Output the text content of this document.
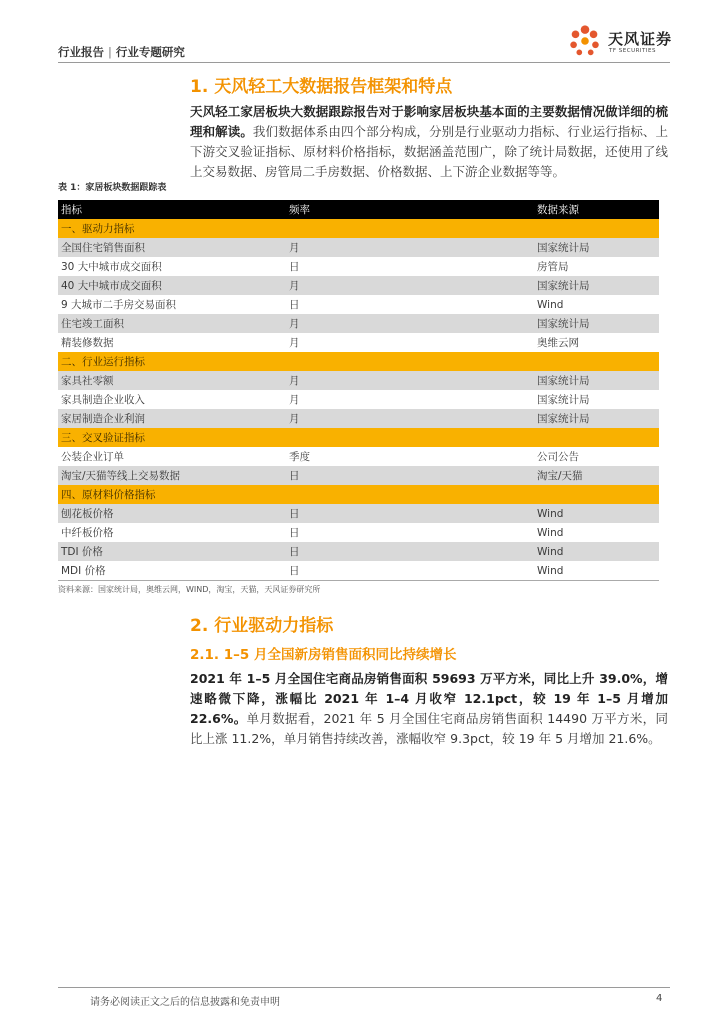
行业报告 | 行业专题研究
天风证券
TF SECURITIES
1. 天风轻工大数据报告框架和特点
天风轻工家居板块大数据跟踪报告对于影响家居板块基本面的主要数据情况做详细的梳理和解读。我们数据体系由四个部分构成，分别是行业驱动力指标、行业运行指标、上下游交叉验证指标、原材料价格指标，数据涵盖范围广，除了统计局数据，还使用了线上交易数据、房管局二手房数据、价格数据、上下游企业数据等等。
表 1：家居板块数据跟踪表
指标	频率	数据来源
一、驱动力指标		
全国住宅销售面积	月	国家统计局
30 大中城市成交面积	日	房管局
40 大中城市成交面积	月	国家统计局
9 大城市二手房交易面积	日	Wind
住宅竣工面积	月	国家统计局
精装修数据	月	奥维云网
二、行业运行指标		
家具社零额	月	国家统计局
家具制造企业收入	月	国家统计局
家居制造企业利润	月	国家统计局
三、交叉验证指标		
公装企业订单	季度	公司公告
淘宝/天猫等线上交易数据	日	淘宝/天猫
四、原材料价格指标		
刨花板价格	日	Wind
中纤板价格	日	Wind
TDI 价格	日	Wind
MDI 价格	日	Wind
资料来源：国家统计局，奥维云网，WIND，淘宝，天猫，天风证券研究所
2. 行业驱动力指标
2.1. 1–5 月全国新房销售面积同比持续增长
2021 年 1–5 月全国住宅商品房销售面积 59693 万平方米，同比上升 39.0%，增速略微下降，涨幅比 2021 年 1–4 月收窄 12.1pct，较 19 年 1–5 月增加 22.6%。单月数据看，2021 年 5 月全国住宅商品房销售面积 14490 万平方米，同比上涨 11.2%，单月销售持续改善，涨幅收窄 9.3pct，较 19 年 5 月增加 21.6%。
请务必阅读正文之后的信息披露和免责申明	4
